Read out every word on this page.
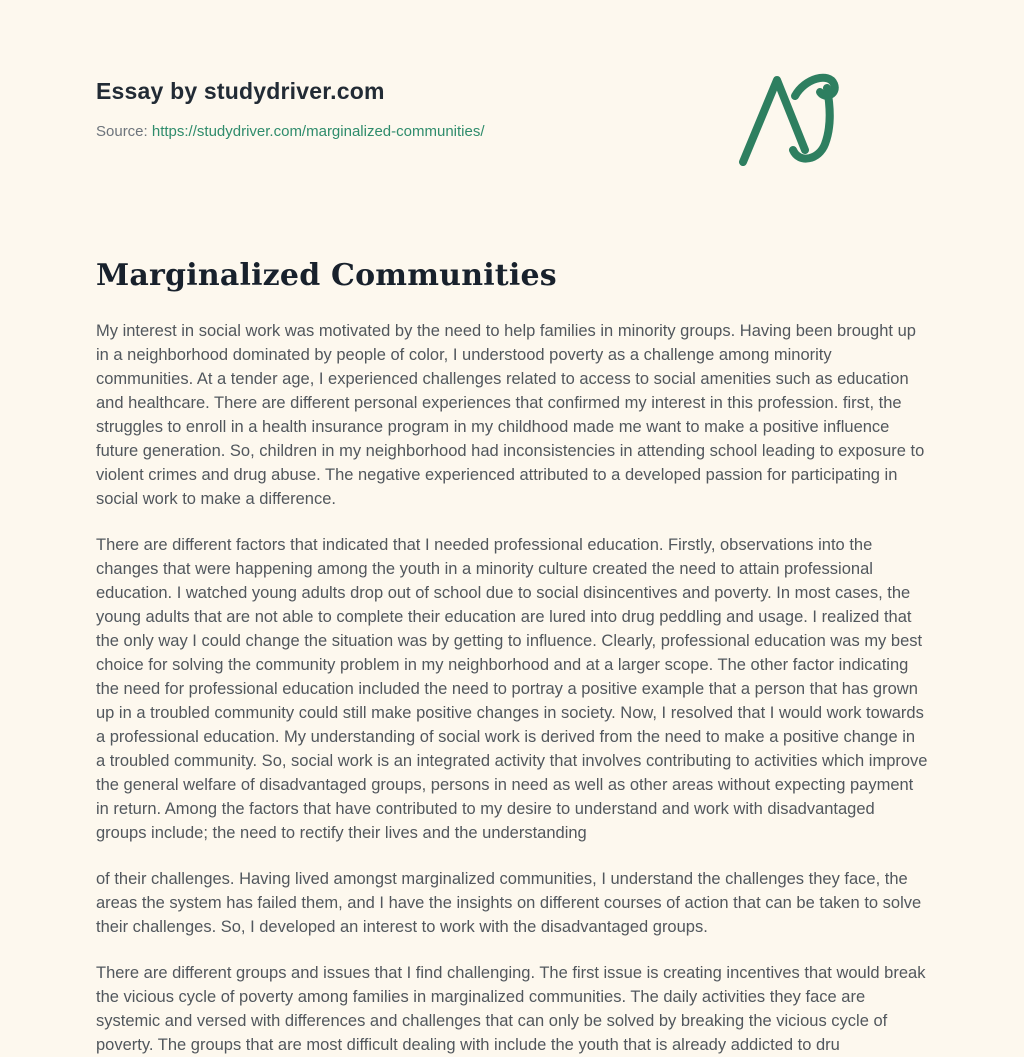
Essay by studydriver.com

Source: https://studydriver.com/marginalized-communities/

Marginalized Communities

My interest in social work was motivated by the need to help families in minority groups. Having been brought up in a neighborhood dominated by people of color, I understood poverty as a challenge among minority communities. At a tender age, I experienced challenges related to access to social amenities such as education and healthcare. There are different personal experiences that confirmed my interest in this profession. first, the struggles to enroll in a health insurance program in my childhood made me want to make a positive influence future generation. So, children in my neighborhood had inconsistencies in attending school leading to exposure to violent crimes and drug abuse. The negative experienced attributed to a developed passion for participating in social work to make a difference.

There are different factors that indicated that I needed professional education. Firstly, observations into the changes that were happening among the youth in a minority culture created the need to attain professional education. I watched young adults drop out of school due to social disincentives and poverty. In most cases, the young adults that are not able to complete their education are lured into drug peddling and usage. I realized that the only way I could change the situation was by getting to influence. Clearly, professional education was my best choice for solving the community problem in my neighborhood and at a larger scope. The other factor indicating the need for professional education included the need to portray a positive example that a person that has grown up in a troubled community could still make positive changes in society. Now, I resolved that I would work towards a professional education. My understanding of social work is derived from the need to make a positive change in a troubled community. So, social work is an integrated activity that involves contributing to activities which improve the general welfare of disadvantaged groups, persons in need as well as other areas without expecting payment in return. Among the factors that have contributed to my desire to understand and work with disadvantaged groups include; the need to rectify their lives and the understanding

of their challenges. Having lived amongst marginalized communities, I understand the challenges they face, the areas the system has failed them, and I have the insights on different courses of action that can be taken to solve their challenges. So, I developed an interest to work with the disadvantaged groups.

There are different groups and issues that I find challenging. The first issue is creating incentives that would break the vicious cycle of poverty among families in marginalized communities. The daily activities they face are systemic and versed with differences and challenges that can only be solved by breaking the vicious cycle of poverty. The groups that are most difficult dealing with include the youth that is already addicted to dru
